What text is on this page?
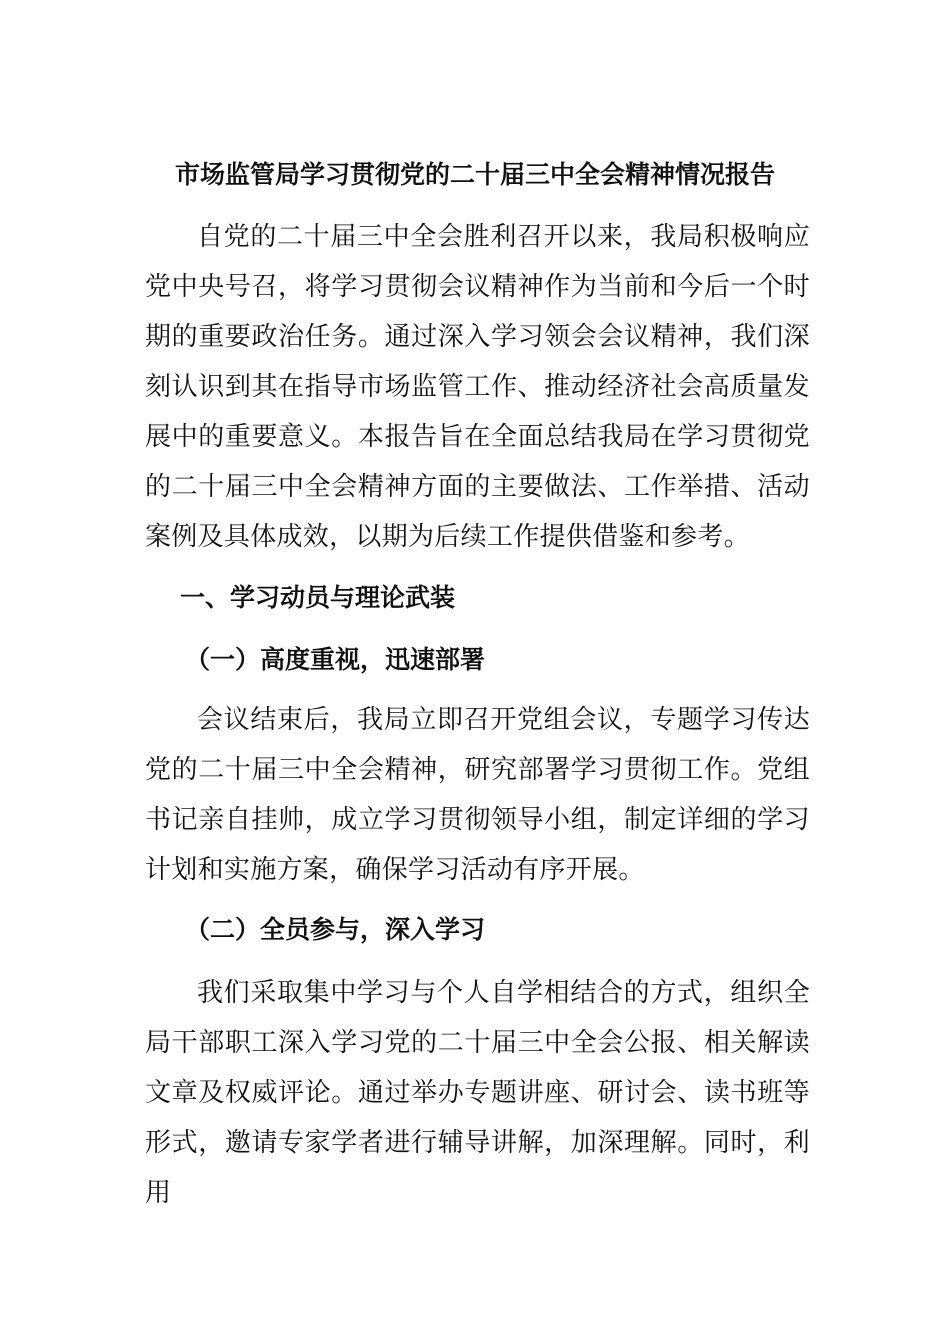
市场监管局学习贯彻党的二十届三中全会精神情况报告

自党的二十届三中全会胜利召开以来，我局积极响应党中央号召，将学习贯彻会议精神作为当前和今后一个时期的重要政治任务。通过深入学习领会会议精神，我们深刻认识到其在指导市场监管工作、推动经济社会高质量发展中的重要意义。本报告旨在全面总结我局在学习贯彻党的二十届三中全会精神方面的主要做法、工作举措、活动案例及具体成效，以期为后续工作提供借鉴和参考。

一、学习动员与理论武装
（一）高度重视，迅速部署

会议结束后，我局立即召开党组会议，专题学习传达党的二十届三中全会精神，研究部署学习贯彻工作。党组书记亲自挂帅，成立学习贯彻领导小组，制定详细的学习计划和实施方案，确保学习活动有序开展。

（二）全员参与，深入学习

我们采取集中学习与个人自学相结合的方式，组织全局干部职工深入学习党的二十届三中全会公报、相关解读文章及权威评论。通过举办专题讲座、研讨会、读书班等形式，邀请专家学者进行辅导讲解，加深理解。同时，利用
